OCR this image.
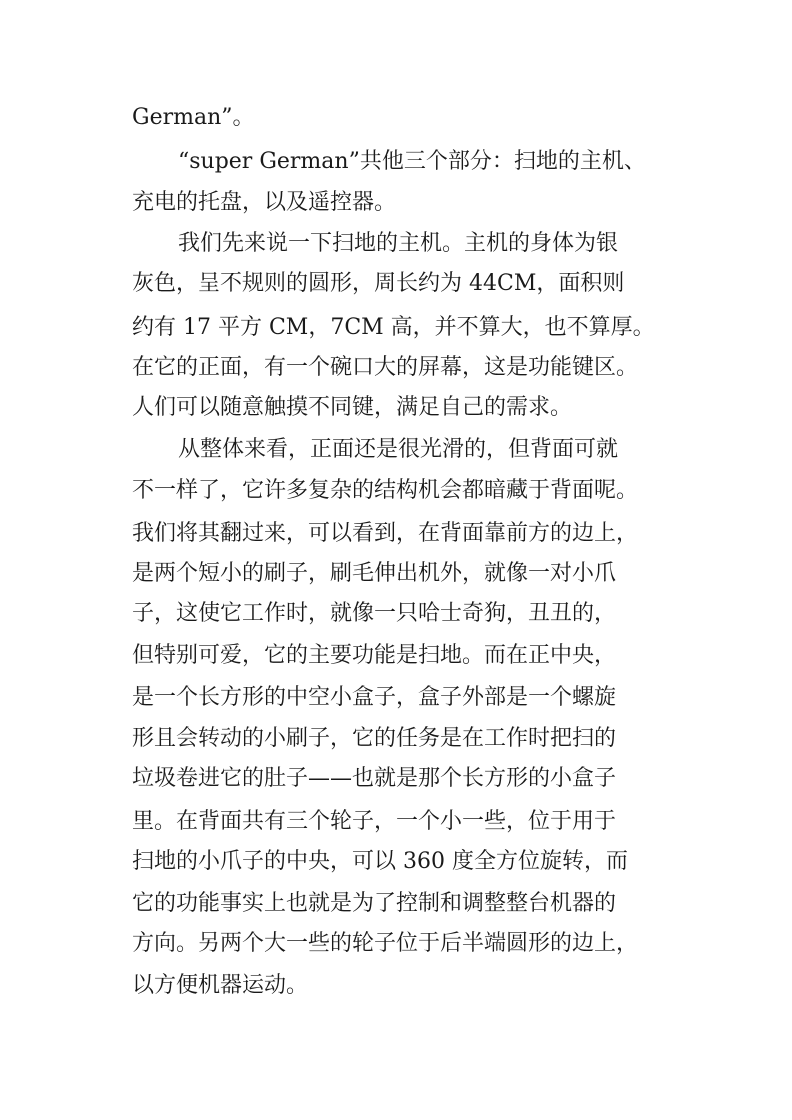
German”。
“super German”共他三个部分：扫地的主机、
充电的托盘，以及遥控器。
我们先来说一下扫地的主机。主机的身体为银
灰色，呈不规则的圆形，周长约为 44CM，面积则
约有 17 平方 CM，7CM 高，并不算大，也不算厚。
在它的正面，有一个碗口大的屏幕，这是功能键区。
人们可以随意触摸不同键，满足自己的需求。
从整体来看，正面还是很光滑的，但背面可就
不一样了，它许多复杂的结构机会都暗藏于背面呢。
我们将其翻过来，可以看到，在背面靠前方的边上，
是两个短小的刷子，刷毛伸出机外，就像一对小爪
子，这使它工作时，就像一只哈士奇狗，丑丑的，
但特别可爱，它的主要功能是扫地。而在正中央，
是一个长方形的中空小盒子，盒子外部是一个螺旋
形且会转动的小刷子，它的任务是在工作时把扫的
垃圾卷进它的肚子——也就是那个长方形的小盒子
里。在背面共有三个轮子，一个小一些，位于用于
扫地的小爪子的中央，可以 360 度全方位旋转，而
它的功能事实上也就是为了控制和调整整台机器的
方向。另两个大一些的轮子位于后半端圆形的边上，
以方便机器运动。
